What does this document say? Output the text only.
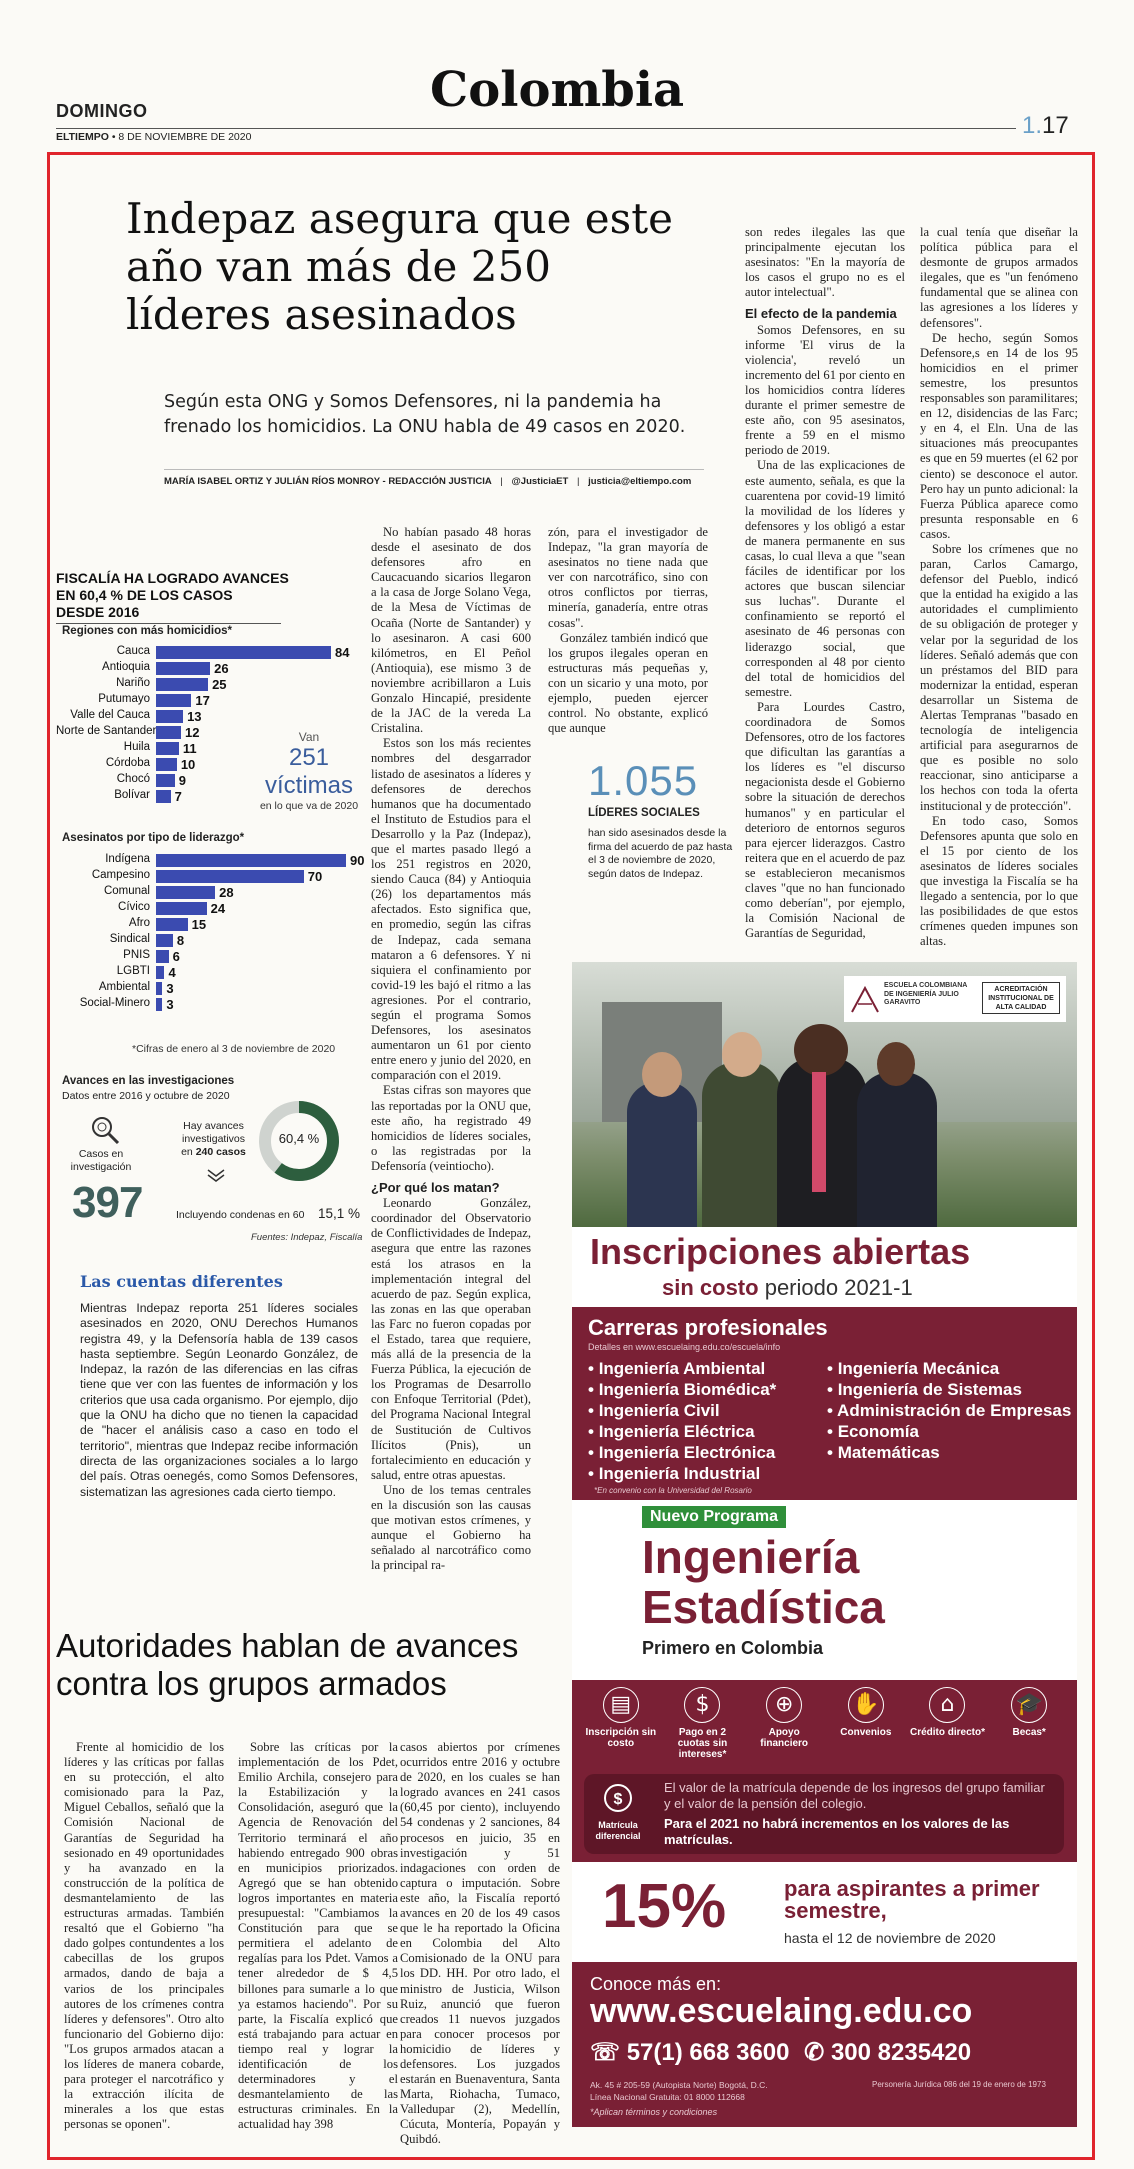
DOMINGO	Colombia
ELTIEMPO • 8 DE NOVIEMBRE DE 2020	1.17
Indepaz asegura que este año van más de 250 líderes asesinados
Según esta ONG y Somos Defensores, ni la pandemia ha frenado los homicidios. La ONU habla de 49 casos en 2020.
MARÍA ISABEL ORTIZ Y JULIÁN RÍOS MONROY - REDACCIÓN JUSTICIA | @JusticiaET | justicia@eltiempo.com
FISCALÍA HA LOGRADO AVANCES
EN 60,4 % DE LOS CASOS DESDE 2016
Regiones con más homicidios*
Cauca	84
Antioquia	26
Nariño	25
Putumayo	17
Valle del Cauca	13
Norte de Santander 12
Huila	11
Córdoba 10
Chocó 9
Bolívar 7
Van
251 víctimas
en lo que va de 2020
Asesinatos por tipo de liderazgo*
Indígena	90
Campesino	70
Comunal	28
Cívico	24
Afro	15
Sindical 8
PNIS 6
LGBTI 4
Ambiental 3
Social-Minero 3
*Cifras de enero al 3 de noviembre de 2020
Avances en las investigaciones
Datos entre 2016 y octubre de 2020
Casos en investigación
397
Hay avances investigativos en 240 casos
60,4 %
Incluyendo condenas en 60 15,1 %
Fuentes: Indepaz, Fiscalía
Las cuentas diferentes
Mientras Indepaz reporta 251 líderes sociales asesinados en 2020, ONU Derechos Humanos registra 49, y la Defensoría habla de 139 casos hasta septiembre. Según Leonardo González, de Indepaz, la razón de las diferencias en las cifras tiene que ver con las fuentes de información y los criterios que usa cada organismo. Por ejemplo, dijo que la ONU ha dicho que no tienen la capacidad de "hacer el análisis caso a caso en todo el territorio", mientras que Indepaz recibe información directa de las organizaciones sociales a lo largo del país. Otras oenegés, como Somos Defensores, sistematizan las agresiones cada cierto tiempo.

No habían pasado 48 horas desde el asesinato de dos defensores afro en Caucacuando sicarios llegaron a la casa de Jorge Solano Vega, de la Mesa de Víctimas de Ocaña (Norte de Santander) y lo asesinaron. A casi 600 kilómetros, en El Peñol (Antioquia), ese mismo 3 de noviembre acribillaron a Luis Gonzalo Hincapié, presidente de la JAC de la vereda La Cristalina.

Estos son los más recientes nombres del desgarrador listado de asesinatos a líderes y defensores de derechos humanos que ha documentado el Instituto de Estudios para el Desarrollo y la Paz (Indepaz), que el martes pasado llegó a los 251 registros en 2020, siendo Cauca (84) y Antioquia (26) los departamentos más afectados. Esto significa que, en promedio, según las cifras de Indepaz, cada semana mataron a 6 defensores. Y ni siquiera el confinamiento por covid-19 les bajó el ritmo a las agresiones. Por el contrario, según el programa Somos Defensores, los asesinatos aumentaron un 61 por ciento entre enero y junio del 2020, en comparación con el 2019.

Estas cifras son mayores que las reportadas por la ONU que, este año, ha registrado 49 homicidios de líderes sociales, o las registradas por la Defensoría (veintiocho).

¿Por qué los matan?

Leonardo González, coordinador del Observatorio de Conflictividades de Indepaz, asegura que entre las razones está los atrasos en la implementación integral del acuerdo de paz. Según explica, las zonas en las que operaban las Farc no fueron copadas por el Estado, tarea que requiere, más allá de la presencia de la Fuerza Pública, la ejecución de los Programas de Desarrollo con Enfoque Territorial (Pdet), del Programa Nacional Integral de Sustitución de Cultivos Ilícitos (Pnis), un fortalecimiento en educación y salud, entre otras apuestas.

Uno de los temas centrales en la discusión son las causas que motivan estos crímenes, y aunque el Gobierno ha señalado al narcotráfico como la principal ra-

zón, para el investigador de Indepaz, "la gran mayoría de asesinatos no tiene nada que ver con narcotráfico, sino con otros conflictos por tierras, minería, ganadería, entre otras cosas".

González también indicó que los grupos ilegales operan en estructuras más pequeñas y, con un sicario y una moto, por ejemplo, pueden ejercer control. No obstante, explicó que aunque

1.055
LÍDERES SOCIALES
han sido asesinados desde la firma del acuerdo de paz hasta el 3 de noviembre de 2020, según datos de Indepaz.

son redes ilegales las que principalmente ejecutan los asesinatos: "En la mayoría de los casos el grupo no es el autor intelectual".

El efecto de la pandemia

Somos Defensores, en su informe 'El virus de la violencia', reveló un incremento del 61 por ciento en los homicidios contra líderes durante el primer semestre de este año, con 95 asesinatos, frente a 59 en el mismo periodo de 2019.

Una de las explicaciones de este aumento, señala, es que la cuarentena por covid-19 limitó la movilidad de los líderes y defensores y los obligó a estar de manera permanente en sus casas, lo cual lleva a que "sean fáciles de identificar por los actores que buscan silenciar sus luchas". Durante el confinamiento se reportó el asesinato de 46 personas con liderazgo social, que corresponden al 48 por ciento del total de homicidios del semestre.

Para Lourdes Castro, coordinadora de Somos Defensores, otro de los factores que dificultan las garantías a los líderes es "el discurso negacionista desde el Gobierno sobre la situación de derechos humanos" y en particular el deterioro de entornos seguros para ejercer liderazgos. Castro reitera que en el acuerdo de paz se establecieron mecanismos claves "que no han funcionado como deberían", por ejemplo, la Comisión Nacional de Garantías de Seguridad,

la cual tenía que diseñar la política pública para el desmonte de grupos armados ilegales, que es "un fenómeno fundamental que se alinea con las agresiones a los líderes y defensores".

De hecho, según Somos Defensore,s en 14 de los 95 homicidios en el primer semestre, los presuntos responsables son paramilitares; en 12, disidencias de las Farc; y en 4, el Eln. Una de las situaciones más preocupantes es que en 59 muertes (el 62 por ciento) se desconoce el autor. Pero hay un punto adicional: la Fuerza Pública aparece como presunta responsable en 6 casos.

Sobre los crímenes que no paran, Carlos Camargo, defensor del Pueblo, indicó que la entidad ha exigido a las autoridades el cumplimiento de su obligación de proteger y velar por la seguridad de los líderes. Señaló además que con un préstamos del BID para modernizar la entidad, esperan desarrollar un Sistema de Alertas Tempranas "basado en tecnología de inteligencia artificial para asegurarnos de que es posible no solo reaccionar, sino anticiparse a los hechos con toda la oferta institucional y de protección".

En todo caso, Somos Defensores apunta que solo en el 15 por ciento de los asesinatos de líderes sociales que investiga la Fiscalía se ha llegado a sentencia, por lo que las posibilidades de que estos crímenes queden impunes son altas.

Autoridades hablan de avances contra los grupos armados

Frente al homicidio de los líderes y las críticas por fallas en su protección, el alto comisionado para la Paz, Miguel Ceballos, señaló que la Comisión Nacional de Garantías de Seguridad ha sesionado en 49 oportunidades y ha avanzado en la construcción de la política de desmantelamiento de las estructuras armadas. También resaltó que el Gobierno "ha dado golpes contundentes a los cabecillas de los grupos armados, dando de baja a varios de los principales autores de los crímenes contra líderes y defensores". Otro alto funcionario del Gobierno dijo: "Los grupos armados atacan a los líderes de manera cobarde, para proteger el narcotráfico y la extracción ilícita de minerales a los que estas personas se oponen".

Sobre las críticas por la implementación de los Pdet, Emilio Archila, consejero para la Estabilización y la Consolidación, aseguró que la Agencia de Renovación del Territorio terminará el año habiendo entregado 900 obras en municipios priorizados. Agregó que se han obtenido logros importantes en materia presupuestal: "Cambiamos la Constitución para que se permitiera el adelanto de regalías para los Pdet. Vamos a tener alrededor de $ 4,5 billones para sumarle a lo que ya estamos haciendo". Por su parte, la Fiscalía explicó que está trabajando para actuar en tiempo real y lograr la identificación de los determinadores y el desmantelamiento de las estructuras criminales. En la actualidad hay 398

casos abiertos por crímenes ocurridos entre 2016 y octubre de 2020, en los cuales se han logrado avances en 241 casos (60,45 por ciento), incluyendo 54 condenas y 2 sanciones, 84 procesos en juicio, 35 en investigación y 51 indagaciones con orden de captura o imputación. Sobre este año, la Fiscalía reportó avances en 20 de los 49 casos que le ha reportado la Oficina en Colombia del Alto Comisionado de la ONU para los DD. HH. Por otro lado, el ministro de Justicia, Wilson Ruiz, anunció que fueron creados 11 nuevos juzgados para conocer procesos por homicidio de líderes y defensores. Los juzgados estarán en Buenaventura, Santa Marta, Riohacha, Tumaco, Valledupar (2), Medellín, Cúcuta, Montería, Popayán y Quibdó.

ESCUELA COLOMBIANA DE INGENIERÍA JULIO GARAVITO
ACREDITACIÓN INSTITUCIONAL DE ALTA CALIDAD
Inscripciones abiertas
sin costo periodo 2021-1
Carreras profesionales
Detalles en www.escuelaing.edu.co/escuela/info
• Ingeniería Ambiental
• Ingeniería Biomédica*
• Ingeniería Civil
• Ingeniería Eléctrica
• Ingeniería Electrónica
• Ingeniería Industrial
• Ingeniería Mecánica
• Ingeniería de Sistemas
• Administración de Empresas
• Economía
• Matemáticas
*En convenio con la Universidad del Rosario
Nuevo Programa
Ingeniería
Estadística
Primero en Colombia
▤
Inscripción sin costo
$
Pago en 2 cuotas sin intereses*
⊕
Apoyo financiero
✋
Convenios
⌂
Crédito directo*
🎓
Becas*
$
Matrícula diferencial
El valor de la matrícula depende de los ingresos del grupo familiar y el valor de la pensión del colegio.
Para el 2021 no habrá incrementos en los valores de las matrículas.
15%	para aspirantes a primer semestre,
hasta el 12 de noviembre de 2020
Conoce más en:
www.escuelaing.edu.co
☏ 57(1) 668 3600 ✆ 300 8235420
Ak. 45 # 205-59 (Autopista Norte) Bogotá, D.C.
Línea Nacional Gratuita: 01 8000 112668
*Aplican términos y condiciones
Personería Jurídica 086 del 19 de enero de 1973
